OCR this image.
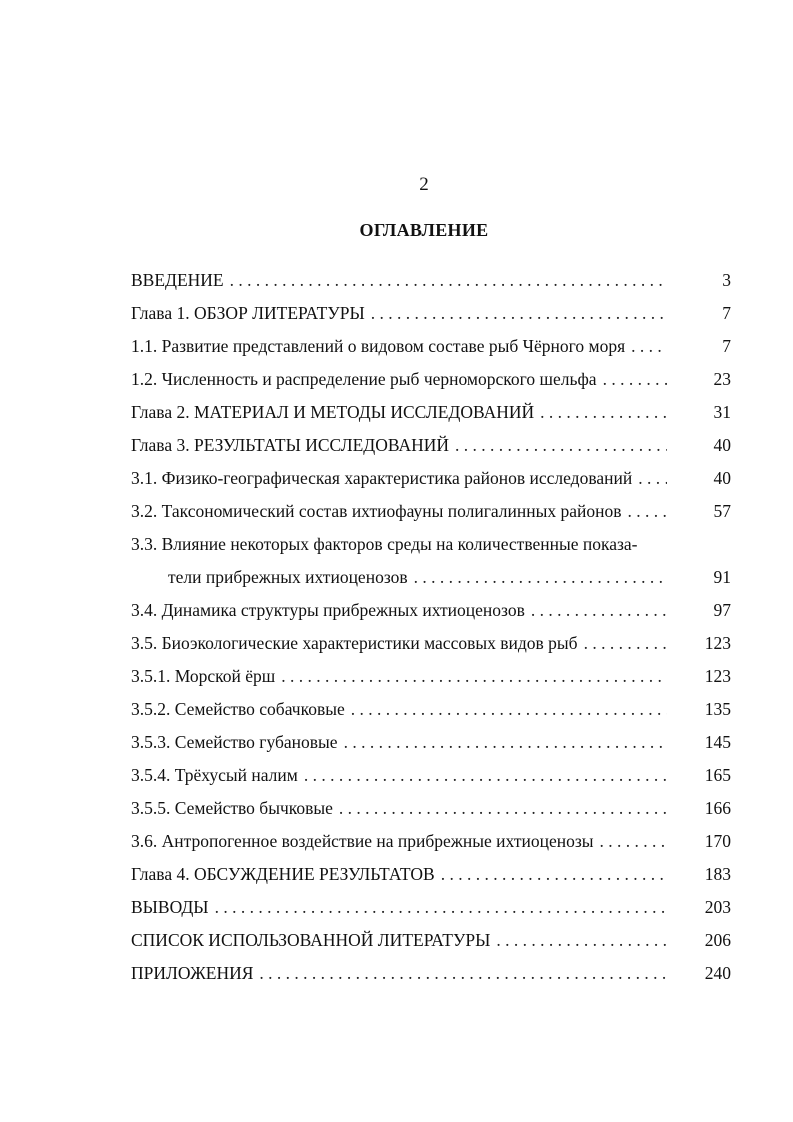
2
ОГЛАВЛЕНИЕ
ВВЕДЕНИЕ . . .	3
Глава 1. ОБЗОР ЛИТЕРАТУРЫ . . .	7
1.1. Развитие представлений о видовом составе рыб Чёрного моря . . .	7
1.2. Численность и распределение рыб черноморского шельфа . . .	23
Глава 2. МАТЕРИАЛ И МЕТОДЫ ИССЛЕДОВАНИЙ . . .	31
Глава 3. РЕЗУЛЬТАТЫ ИССЛЕДОВАНИЙ . . .	40
3.1. Физико-географическая характеристика районов исследований . . .	40
3.2. Таксономический состав ихтиофауны полигалинных районов . . .	57
3.3. Влияние некоторых факторов среды на количественные показа-
тели прибрежных ихтиоценозов . . .	91
3.4. Динамика структуры прибрежных ихтиоценозов . . .	97
3.5. Биоэкологические характеристики массовых видов рыб . . .	123
3.5.1. Морской ёрш . . .	123
3.5.2. Семейство собачковые . . .	135
3.5.3. Семейство губановые . . .	145
3.5.4. Трёхусый налим . . .	165
3.5.5. Семейство бычковые . . .	166
3.6. Антропогенное воздействие на прибрежные ихтиоценозы . . .	170
Глава 4. ОБСУЖДЕНИЕ РЕЗУЛЬТАТОВ . . .	183
ВЫВОДЫ . . .	203
СПИСОК ИСПОЛЬЗОВАННОЙ ЛИТЕРАТУРЫ . . .	206
ПРИЛОЖЕНИЯ . . .	240
